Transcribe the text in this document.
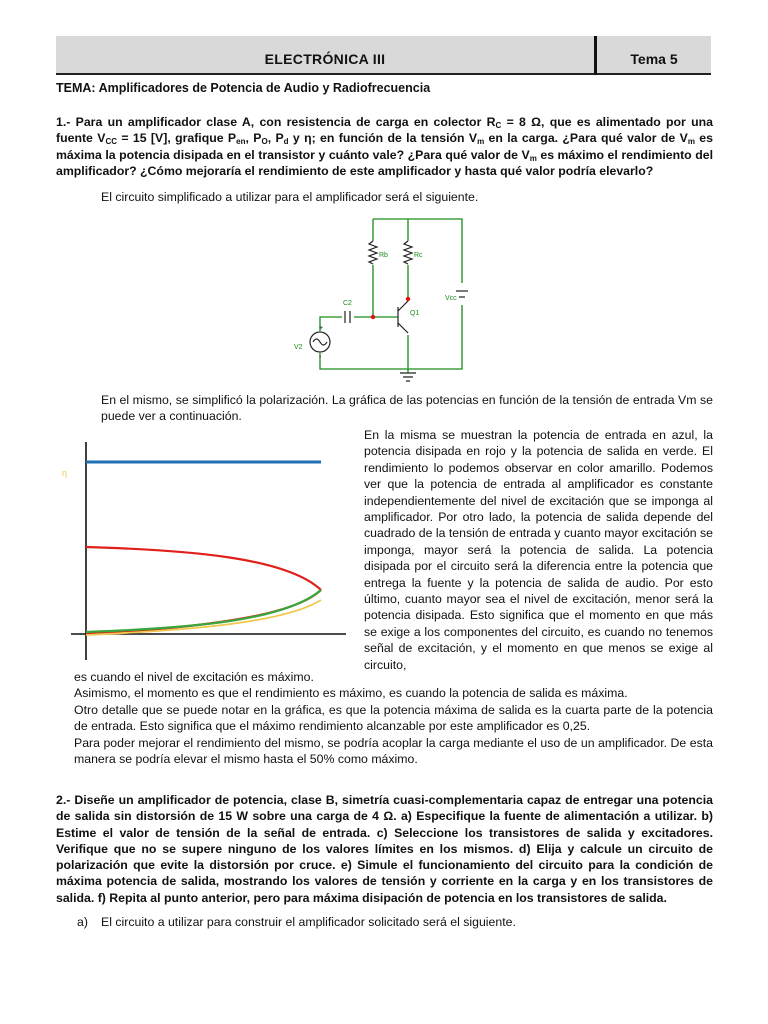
ELECTRÓNICA III	Tema 5
TEMA: Amplificadores de Potencia de Audio y Radiofrecuencia
1.- Para un amplificador clase A, con resistencia de carga en colector $R_C = 8$ Ω, que es alimentado por una fuente $V_{CC} = 15$ [V], grafique $P_{en}$, $P_O$, $P_d$ y η; en función de la tensión $V_m$ en la carga. ¿Para qué valor de $V_m$ es máxima la potencia disipada en el transistor y cuánto vale? ¿Para qué valor de $V_m$ es máximo el rendimiento del amplificador? ¿Cómo mejoraría el rendimiento de este amplificador y hasta qué valor podría elevarlo?
El circuito simplificado a utilizar para el amplificador será el siguiente.
Rb	Rc
C2
Q1
Vcc
V2
+
-
En el mismo, se simplificó la polarización. La gráfica de las potencias en función de la tensión de entrada Vm se puede ver a continuación.
η
En la misma se muestran la potencia de entrada en azul, la potencia disipada en rojo y la potencia de salida en verde. El rendimiento lo podemos observar en color amarillo. Podemos ver que la potencia de entrada al amplificador es constante independientemente del nivel de excitación que se imponga al amplificador. Por otro lado, la potencia de salida depende del cuadrado de la tensión de entrada y cuanto mayor excitación se imponga, mayor será la potencia de salida. La potencia disipada por el circuito será la diferencia entre la potencia que entrega la fuente y la potencia de salida de audio. Por esto último, cuanto mayor sea el nivel de excitación, menor será la potencia disipada. Esto significa que el momento en que más se exige a los componentes del circuito, es cuando no tenemos señal de excitación, y el momento en que menos se exige al circuito,
es cuando el nivel de excitación es máximo.
Asimismo, el momento es que el rendimiento es máximo, es cuando la potencia de salida es máxima.
Otro detalle que se puede notar en la gráfica, es que la potencia máxima de salida es la cuarta parte de la potencia de entrada. Esto significa que el máximo rendimiento alcanzable por este amplificador es 0,25.
Para poder mejorar el rendimiento del mismo, se podría acoplar la carga mediante el uso de un amplificador. De esta manera se podría elevar el mismo hasta el 50% como máximo.
2.- Diseñe un amplificador de potencia, clase B, simetría cuasi-complementaria capaz de entregar una potencia de salida sin distorsión de 15 W sobre una carga de 4 Ω. a) Especifique la fuente de alimentación a utilizar. b) Estime el valor de tensión de la señal de entrada. c) Seleccione los transistores de salida y excitadores. Verifique que no se supere ninguno de los valores límites en los mismos. d) Elija y calcule un circuito de polarización que evite la distorsión por cruce. e) Simule el funcionamiento del circuito para la condición de máxima potencia de salida, mostrando los valores de tensión y corriente en la carga y en los transistores de salida. f) Repita al punto anterior, pero para máxima disipación de potencia en los transistores de salida.
a) El circuito a utilizar para construir el amplificador solicitado será el siguiente.
